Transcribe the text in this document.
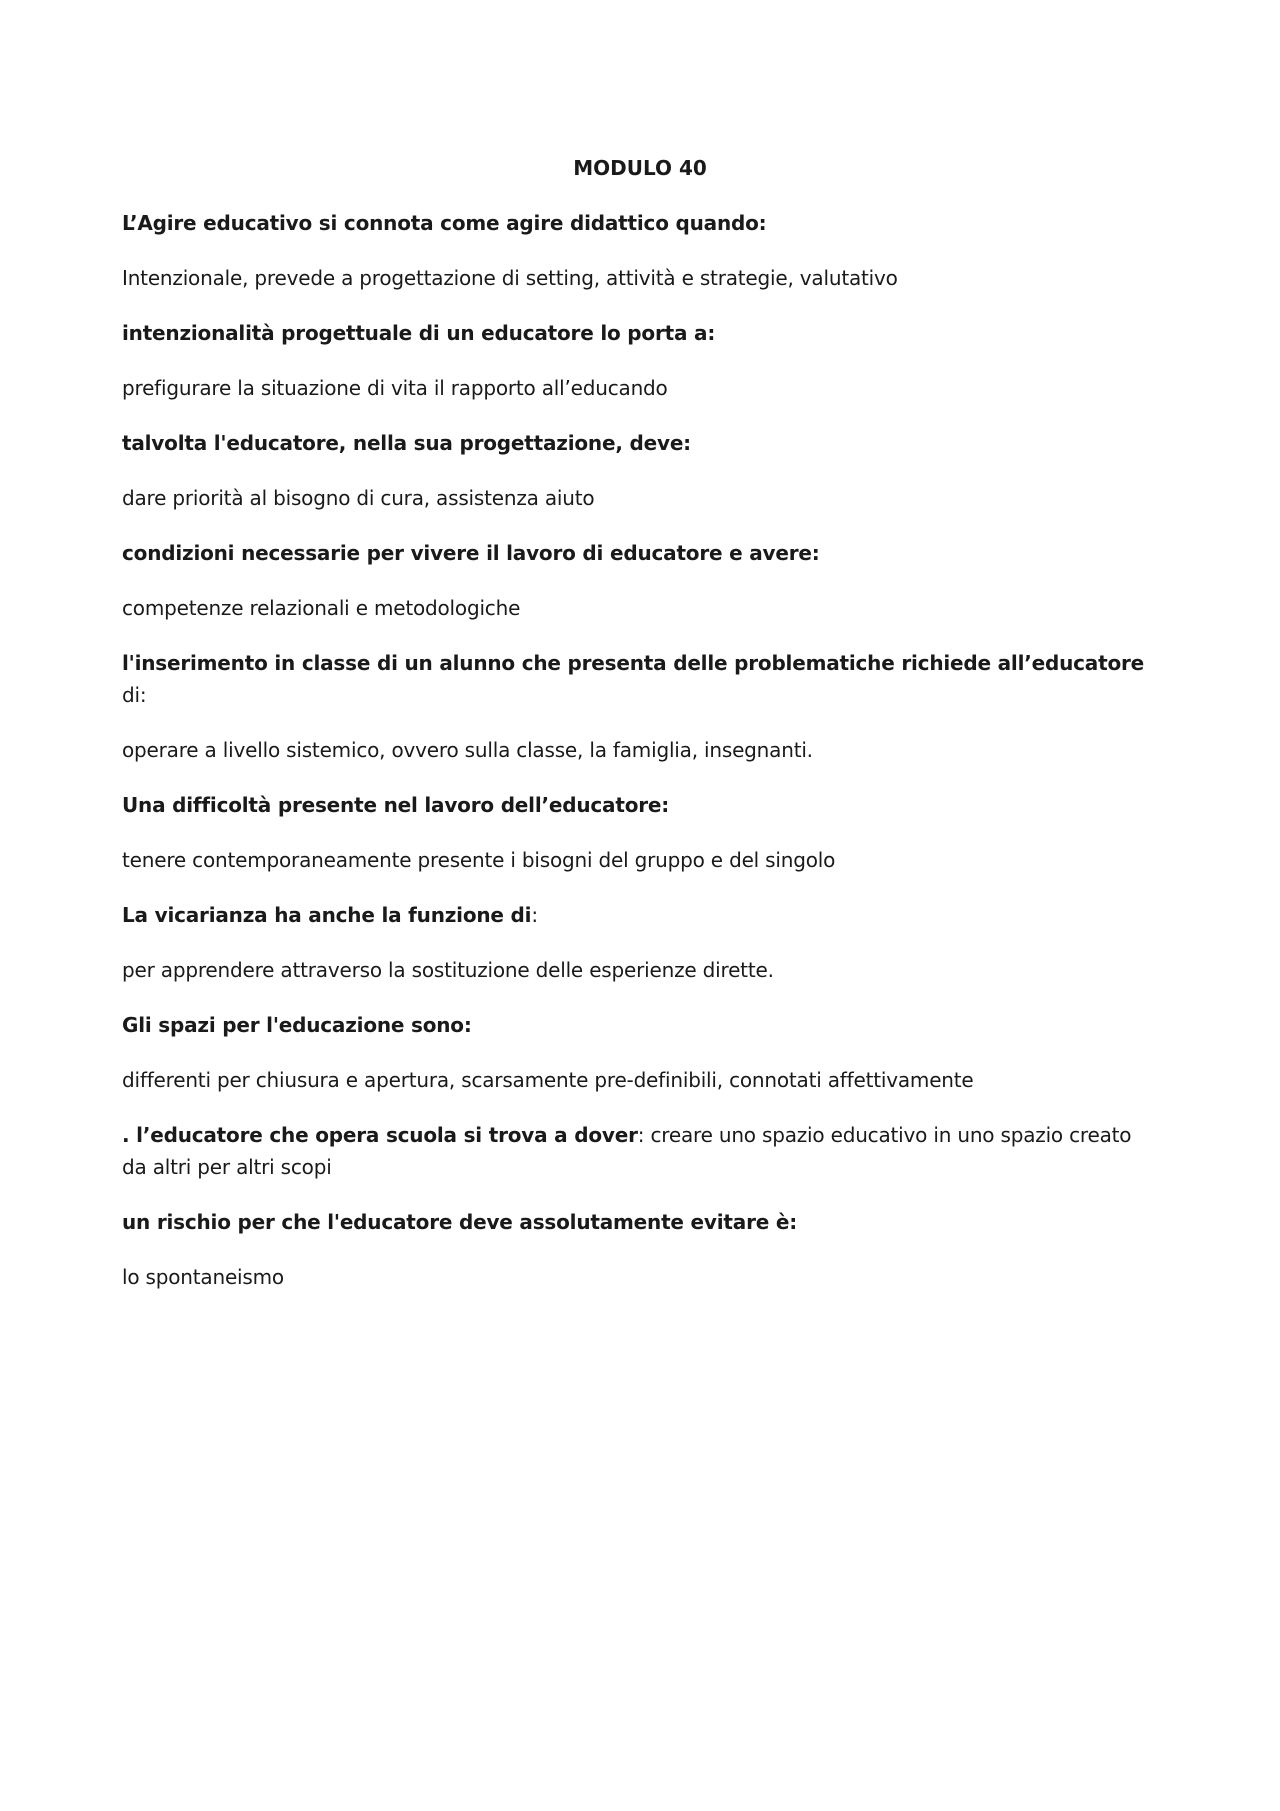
MODULO 40
L’Agire educativo si connota come agire didattico quando:
Intenzionale, prevede a progettazione di setting, attività e strategie, valutativo
intenzionalità progettuale di un educatore lo porta a:
prefigurare la situazione di vita il rapporto all’educando
talvolta l'educatore, nella sua progettazione, deve:
dare priorità al bisogno di cura, assistenza aiuto
condizioni necessarie per vivere il lavoro di educatore e avere:
competenze relazionali e metodologiche
l'inserimento in classe di un alunno che presenta delle problematiche richiede all’educatore di:
operare a livello sistemico, ovvero sulla classe, la famiglia, insegnanti.
Una difficoltà presente nel lavoro dell’educatore:
tenere contemporaneamente presente i bisogni del gruppo e del singolo
La vicarianza ha anche la funzione di:
per apprendere attraverso la sostituzione delle esperienze dirette.
Gli spazi per l'educazione sono:
differenti per chiusura e apertura, scarsamente pre-definibili, connotati affettivamente
. l’educatore che opera scuola si trova a dover: creare uno spazio educativo in uno spazio creato da altri per altri scopi
un rischio per che l'educatore deve assolutamente evitare è:
lo spontaneismo
